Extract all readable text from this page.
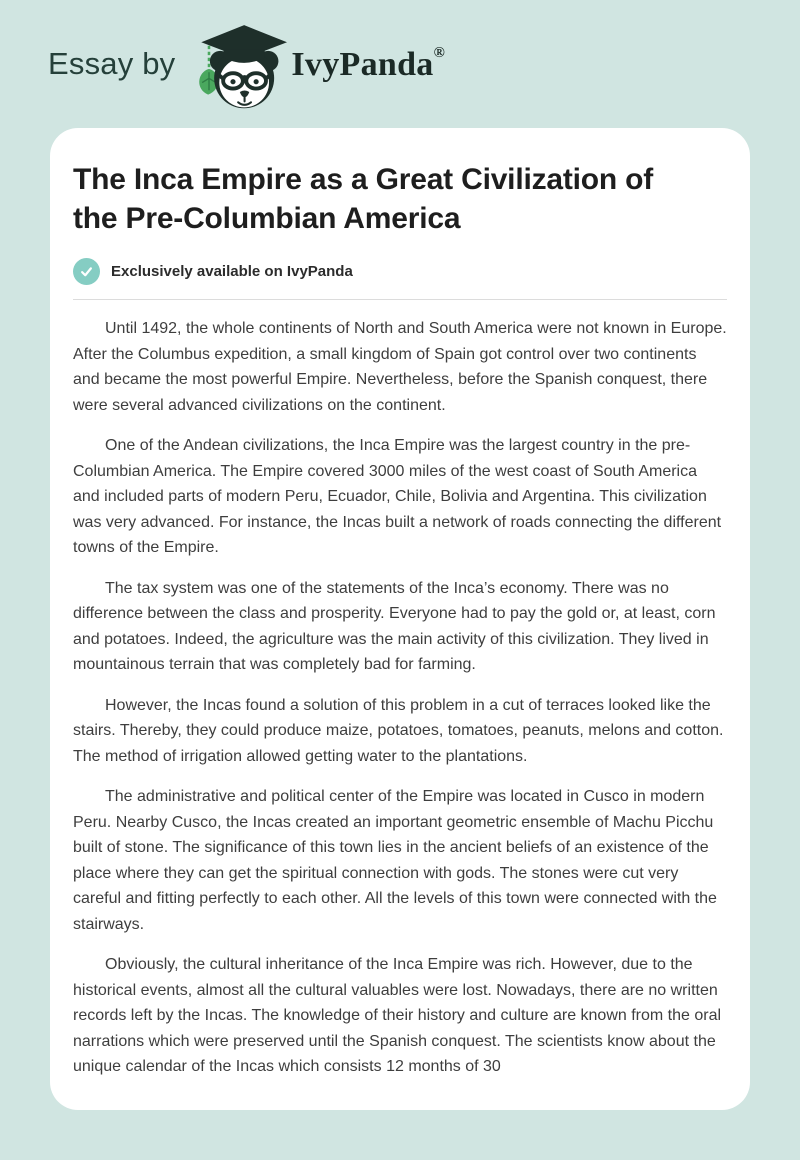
Essay by	IvyPanda®
The Inca Empire as a Great Civilization of the Pre-Columbian America
Exclusively available on IvyPanda

Until 1492, the whole continents of North and South America were not known in Europe. After the Columbus expedition, a small kingdom of Spain got control over two continents and became the most powerful Empire. Nevertheless, before the Spanish conquest, there were several advanced civilizations on the continent.

One of the Andean civilizations, the Inca Empire was the largest country in the pre-Columbian America. The Empire covered 3000 miles of the west coast of South America and included parts of modern Peru, Ecuador, Chile, Bolivia and Argentina. This civilization was very advanced. For instance, the Incas built a network of roads connecting the different towns of the Empire.

The tax system was one of the statements of the Inca’s economy. There was no difference between the class and prosperity. Everyone had to pay the gold or, at least, corn and potatoes. Indeed, the agriculture was the main activity of this civilization. They lived in mountainous terrain that was completely bad for farming.

However, the Incas found a solution of this problem in a cut of terraces looked like the stairs. Thereby, they could produce maize, potatoes, tomatoes, peanuts, melons and cotton. The method of irrigation allowed getting water to the plantations.

The administrative and political center of the Empire was located in Cusco in modern Peru. Nearby Cusco, the Incas created an important geometric ensemble of Machu Picchu built of stone. The significance of this town lies in the ancient beliefs of an existence of the place where they can get the spiritual connection with gods. The stones were cut very careful and fitting perfectly to each other. All the levels of this town were connected with the stairways.

Obviously, the cultural inheritance of the Inca Empire was rich. However, due to the historical events, almost all the cultural valuables were lost. Nowadays, there are no written records left by the Incas. The knowledge of their history and culture are known from the oral narrations which were preserved until the Spanish conquest. The scientists know about the unique calendar of the Incas which consists 12 months of 30
